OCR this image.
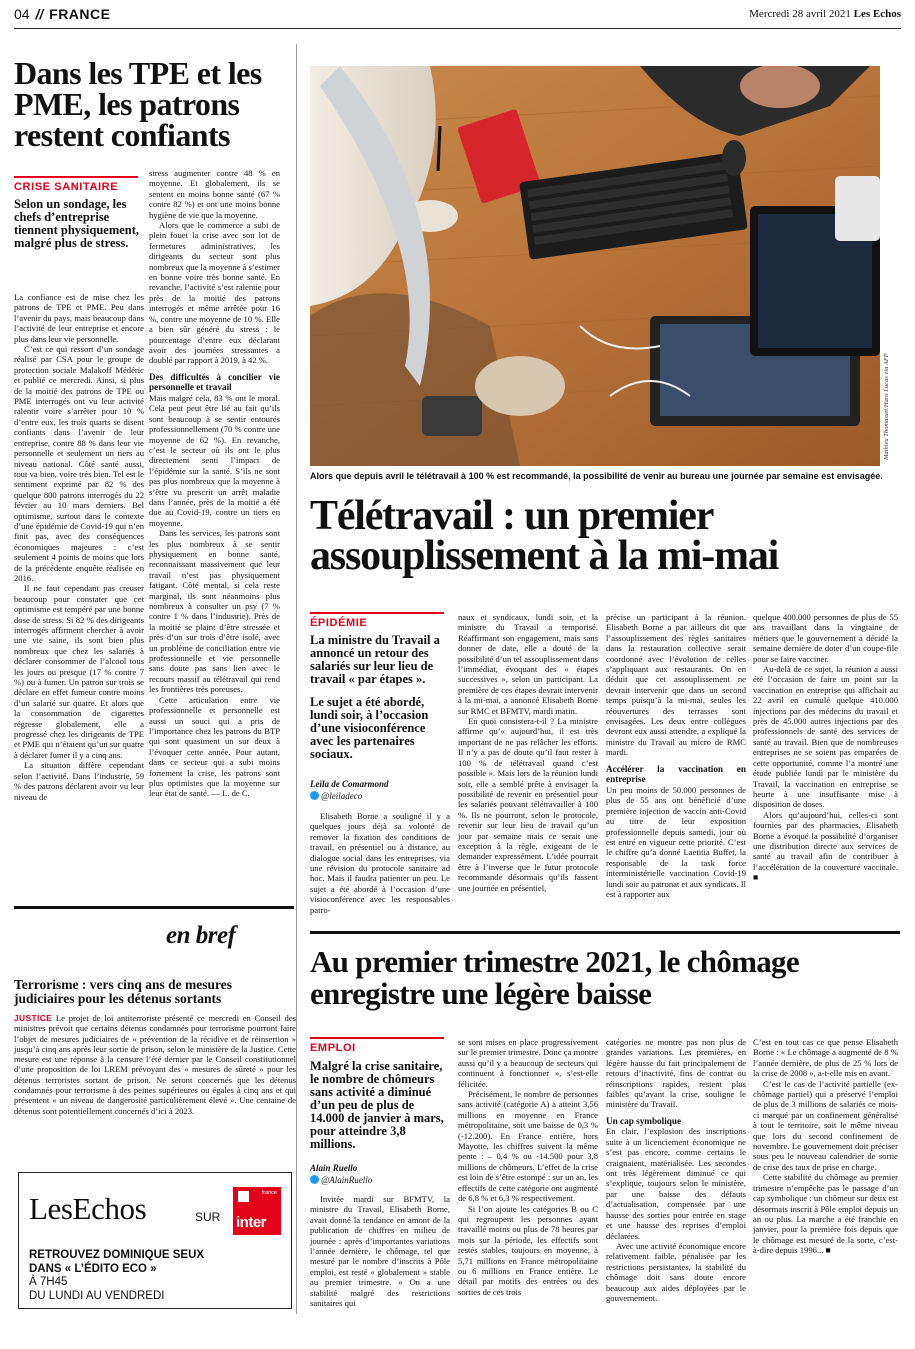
04 // FRANCE	Mercredi 28 avril 2021 Les Echos
Dans les TPE et les PME, les patrons restent confiants
CRISE SANITAIRE
Selon un sondage, les chefs d’entreprise tiennent physiquement, malgré plus de stress.

La confiance est de mise chez les patrons de TPE et PME. Peu dans l’avenir du pays, mais beaucoup dans l’activité de leur entreprise et encore plus dans leur vie personnelle.

C’est ce qui ressort d’un sondage réalisé par CSA pour le groupe de protection sociale Malakoff Médéric et publié ce mercredi. Ainsi, si plus de la moitié des patrons de TPE ou PME interrogés ont vu leur activité ralentir voire s’arrêter pour 10 % d’entre eux, les trois quarts se disent confiants dans l’avenir de leur entreprise, contre 88 % dans leur vie personnelle et seulement un tiers au niveau national. Côté santé aussi, tout va bien, voire très bien. Tel est le sentiment exprimé par 82 % des quelque 800 patrons interrogés du 22 février au 10 mars derniers. Bel optimisme, surtout dans le contexte d’une épidémie de Covid-19 qui n’en finit pas, avec des conséquences économiques majeures : c’est seulement 4 points de moins que lors de la précédente enquête réalisée en 2016.

Il ne faut cependant pas creuser beaucoup pour constater que cet optimisme est tempéré par une bonne dose de stress. Si 82 % des dirigeants interrogés affirment chercher à avoir une vie saine, ils sont bien plus nombreux que chez les salariés à déclarer consommer de l’alcool tous les jours ou presque (17 % contre 7 %) ou à fumer. Un patron sur trois se déclare en effet fumeur contre moins d’un salarié sur quatre. Et alors que la consommation de cigarettes régresse globalement, elle a progressé chez les dirigeants de TPE et PME qui n’étaient qu’un sur quatre à déclarer fumer il y a cinq ans.

La situation diffère cependant selon l’activité. Dans l’industrie, 59 % des patrons déclarent avoir vu leur niveau de

stress augmenter contre 48 % en moyenne. Et globalement, ils se sentent en moins bonne santé (67 % contre 82 %) et ont une moins bonne hygiène de vie que la moyenne.

Alors que le commerce a subi de plein fouet la crise avec son lot de fermetures administratives, les dirigeants du secteur sont plus nombreux que la moyenne à s’estimer en bonne voire très bonne santé. En revanche, l’activité s’est ralentie pour près de la moitié des patrons interrogés et même arrêtée pour 16 %, contre une moyenne de 10 %. Elle a bien sûr généré du stress : le pourcentage d’entre eux déclarant avoir des journées stressantes a doublé par rapport à 2019, à 42 %.

Des difficultés à concilier vie personnelle et travail

Mais malgré cela, 83 % ont le moral. Cela peut peut être lié au fait qu’ils sont beaucoup à se sentir entourés professionnellement (70 % contre une moyenne de 62 %). En revanche, c’est le secteur où ils ont le plus directement senti l’impact de l’épidémie sur la santé. S’ils ne sont pas plus nombreux que la moyenne à s’être vu prescrit un arrêt maladie dans l’année, près de la moitié a été due au Covid-19, contre un tiers en moyenne.

Dans les services, les patrons sont les plus nombreux à se sentir physiquement en bonne santé, reconnaissant massivement que leur travail n’est pas physiquement fatigant. Côté mental, si cela reste marginal, ils sont néanmoins plus nombreux à consulter un psy (7 % contre 1 % dans l’industrie). Près de la moitié se plaint d’être stressée et près d’un sur trois d’être isolé, avec un problème de conciliation entre vie professionnelle et vie personnelle sans doute pas sans lien avec le recours massif au télétravail qui rend les frontières très poreuses.

Cette articulation entre vie professionnelle et personnelle est aussi un souci qui a pris de l’importance chez les patrons du BTP qui sont quasiment un sur deux à l’évoquer cette année. Pour autant, dans ce secteur qui a subi moins fortement la crise, les patrons sont plus optimistes que la moyenne sur leur état de santé. — L. de C.

en bref
Terrorisme : vers cinq ans de mesures judiciaires pour les détenus sortants
JUSTICE Le projet de loi antiterroriste présenté ce mercredi en Conseil des ministres prévoit que certains détenus condamnés pour terrorisme pourront faire l’objet de mesures judiciaires de « prévention de la récidive et de réinsertion » jusqu’à cinq ans après leur sortie de prison, selon le ministère de la Justice. Cette mesure est une réponse à la censure l’été dernier par le Conseil constitutionnel d’une proposition de loi LREM prévoyant des « mesures de sûreté » pour les détenus terroristes sortant de prison. Ne seront concernés que les détenus condamnés pour terrorisme à des peines supérieures ou égales à cinq ans et qui présentent « un niveau de dangerosité particulièrement élevé ». Une centaine de détenus sont potentiellement concernés d’ici à 2023.
LesEchos	SUR
france
inter
RETROUVEZ DOMINIQUE SEUX
DANS « L’ÉDITO ECO »
À 7H45
DU LUNDI AU VENDREDI
Mathieu Thomasset/Hans Lucas via AFP
Alors que depuis avril le télétravail à 100 % est recommandé, la possibilité de venir au bureau une journée par semaine est envisagée.
Télétravail : un premier assouplissement à la mi-mai
ÉPIDÉMIE
La ministre du Travail a annoncé un retour des salariés sur leur lieu de travail « par étapes ».
Le sujet a été abordé, lundi soir, à l’occasion d’une visioconférence avec les partenaires sociaux.
Leïla de Comarmond
@leiladeco

Elisabeth Borne a souligné il y a quelques jours déjà sa volonté de remover la fixation des conditions de travail, en présentiel ou à distance, au dialogue social dans les entreprises, via une révision du protocole sanitaire ad hoc. Mais il faudra patienter un peu. Le sujet a été abordé à l’occasion d’une visioconférence avec les responsables patro-

naux et syndicaux, lundi soir, et la ministre du Travail a temporisé. Réaffirmant son engagement, mais sans donner de date, elle a douté de la possibilité d’un tel assouplissement dans l’immédiat, évoquant des « étapes successives », selon un participant. La première de ces étapes devrait intervenir à la mi-mai, a annoncé Elisabeth Borne sur RMC et BFMTV, mardi matin.

En quoi consistera-t-il ? La ministre affirme qu’« aujourd’hui, il est très important de ne pas relâcher les efforts. Il n’y a pas de doute qu’il faut rester à 100 % de télétravail quand c’est possible ». Mais lors de la réunion lundi soir, elle a semblé prête à envisager la possibilité de revenir en présentiel pour les salariés pouvant télétravailler à 100 %. Ils ne pourront, selon le protocole, revenir sur leur lieu de travail qu’un jour par semaine mais ce serait une exception à la règle, exigeant de le demander expressément. L’idée pourrait être à l’inverse que le futur protocole recommande désormais qu’ils fassent une journée en présentiel,

précise un participant à la réunion. Elisabeth Borne a par ailleurs dit que l’assouplissement des règles sanitaires dans la restauration collective serait coordonné avec l’évolution de celles s’appliquant aux restaurants. On en déduit que cet assouplissement ne devrait intervenir que dans un second temps puisqu’à la mi-mai, seules les réouvertures des terrasses sont envisagées. Les deux entre collègues devront eux aussi attendre, a expliqué la ministre du Travail au micro de RMC mardi.

Accélérer la vaccination en entreprise

Un peu moins de 50.000 personnes de plus de 55 ans ont bénéficié d’une première injection de vaccin anti-Covid au titre de leur exposition professionnelle depuis samedi, jour où est entré en vigueur cette priorité. C’est le chiffre qu’a donné Laetitia Buffet, la responsable de la task force interministérielle vaccination Covid-19 lundi soir au patronat et aux syndicats. Il est à rapporter aux

quelque 400.000 personnes de plus de 55 ans travaillant dans la vingtaine de métiers que le gouvernement a décidé la semaine dernière de doter d’un coupe-file pour se faire vacciner.

Au-delà de ce sujet, la réunion a aussi été l’occasion de faire un point sur la vaccination en entreprise qui affichait au 22 avril en cumulé quelque 410.000 injections par des médecins du travail et près de 45.000 autres injections par des professionnels de santé des services de santé au travail. Bien que de nombreuses entreprises ne se soient pas emparées de cette opportunité, comme l’a montré une étude publiée lundi par le ministère du Travail, la vaccination en entreprise se heurte à une insuffisante mise à disposition de doses.

Alors qu’aujourd’hui, celles-ci sont fournies par des pharmacies, Elisabeth Borne a évoqué la possibilité d’organiser une distribution directe aux services de santé au travail afin de contribuer à l’accélération de la couverture vaccinale. ■

Au premier trimestre 2021, le chômage enregistre une légère baisse
EMPLOI
Malgré la crise sanitaire, le nombre de chômeurs sans activité a diminué d’un peu de plus de 14.000 de janvier à mars, pour atteindre 3,8 millions.
Alain Ruello
@AlainRuello

Invitée mardi sur BFMTV, la ministre du Travail, Elisabeth Borne, avait donné la tendance en amont de la publication de chiffres en milieu de journée : après d’importantes variations l’année dernière, le chômage, tel que mesuré par le nombre d’inscrits à Pôle emploi, est resté « globalement » stable au premier trimestre. « On a une stabilité malgré des restrictions sanitaires qui

se sont mises en place progressivement sur le premier trimestre. Donc ça montre aussi qu’il y a beaucoup de secteurs qui continuent à fonctionner », s’est-elle félicitée.

Précisément, le nombre de personnes sans activité (catégorie A) a atteint 3,56 millions en moyenne en France métropolitaine, soit une baisse de 0,3 % (-12.200). En France entière, hors Mayotte, les chiffres suivent la même pente : – 0,4 % ou -14.500 pour 3,8 millions de chômeurs. L’effet de la crise est loin de s’être estompé : sur un an, les effectifs de cette catégorie ont augmenté de 6,8 % et 6,3 % respectivement.

Si l’on ajoute les catégories B ou C qui regroupent les personnes ayant travaillé moins ou plus de 78 heures par mois sur la période, les effectifs sont restés stables, toujours en moyenne, à 5,71 millions en France métropolitaine ou 6 millions en France entière. Le détail par motifs des entrées ou des sorties de ces trois

catégories ne montre pas non plus de grandes variations. Les premières, en légère hausse du fait principalement de retours d’inactivité, fins de contrat ou réinscriptions rapides, restent plus faibles qu’avant la crise, souligne le ministère du Travail.

Un cap symbolique

En clair, l’explosion des inscriptions suite à un licenciement économique ne s’est pas encore, comme certains le craignaient, matérialisée. Les secondes ont très légèrement diminué ce qui s’explique, toujours selon le ministère, par une baisse des défauts d’actualisation, compensée par une hausse des sorties pour entrée en stage et une hausse des reprises d’emploi déclarées.

Avec une activité économique encore relativement faible, pénalisée par les restrictions persistantes, la stabilité du chômage doit sans doute encore beaucoup aux aides déployées par le gouvernement.

C’est en tout cas ce que pense Elisabeth Borne : « Le chômage a augmenté de 8 % l’année dernière, de plus de 25 % lors de la crise de 2008 », a-t-elle mis en avant.

C’est le cas de l’activité partielle (ex-chômage partiel) qui a préservé l’emploi de plus de 3 millions de salariés ce mois-ci marqué par un confinement généralisé à tout le territoire, soit le même niveau que lors du second confinement de novembre. Le gouvernement doit préciser sous peu le nouveau calendrier de sortie de crise des taux de prise en charge.

Cette stabilité du chômage au premier trimestre n’empêche pas le passage d’un cap symbolique : un chômeur sur deux est désormais inscrit à Pôle emploi depuis un an ou plus. La marche a été franchie en janvier, pour la première fois depuis que le chômage est mesuré de la sorte, c’est-à-dire depuis 1996... ■
